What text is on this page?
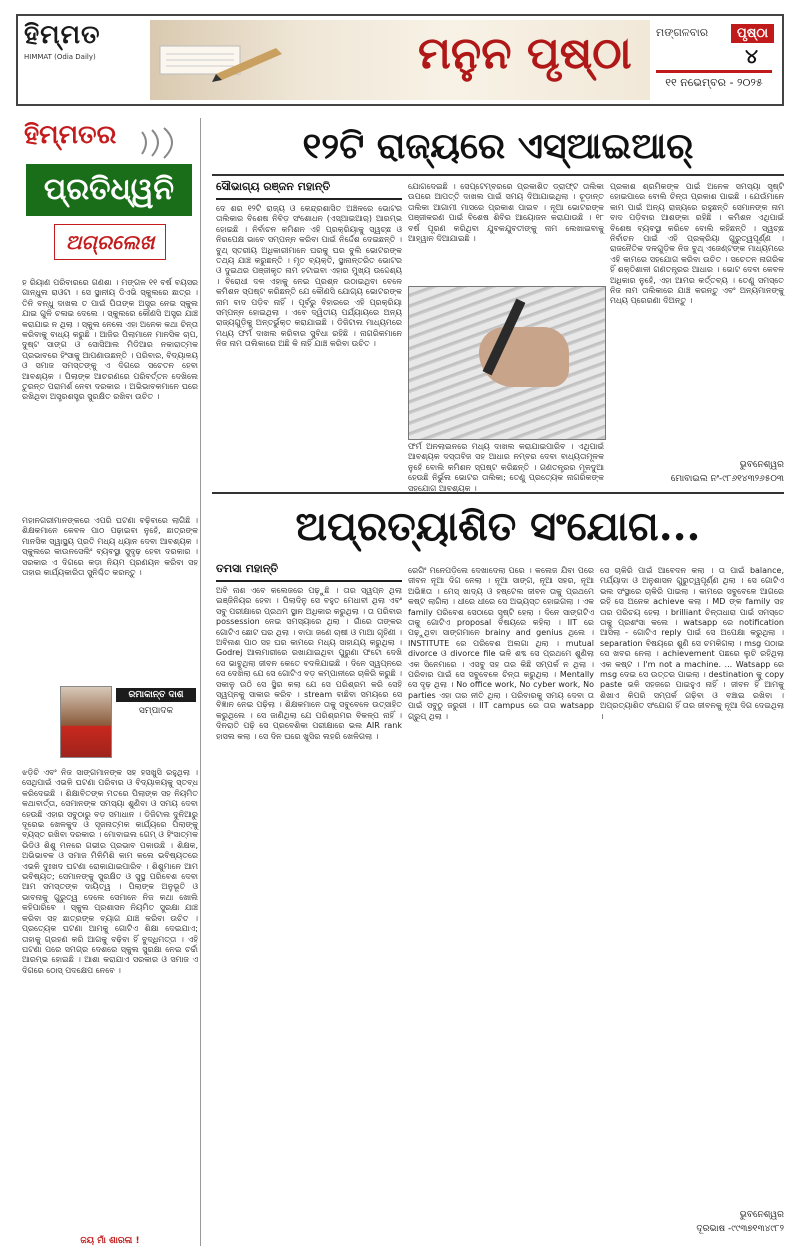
ହିମ୍ମତ
HIMMAT (Odia Daily)	ମନୁନ ପୃଷ୍ଠା ମଙ୍ଗଳବାର	ପୃଷ୍ଠା
୪
୧୧ ନଭେମ୍ବର - ୨୦୨୫
ହିମ୍ମତର
ପ୍ରତିଧ୍ୱନି
ଅଗ୍ରଲେଖ
ହ ରିୟାଣ ପରିବାରରେ ଗଣଶା । ମଙ୍ଗଳ ୧୧ ବର୍ଷ ବୟସର ଗାନ୍ଧୁଲ ରାଓଟା । ସେ ସ୍ଥାନୀୟ ଡିଏଭି ସ୍କୁଲରେ ଛାତ୍ର । ତିନି ବନ୍ଧୁ ଦାଖଲ ତ ପାଇଁ ପିତାଙ୍କ ଅସ୍ତ୍ର ନେଇ ସ୍କୁଲ ଯାଇ ଗୁଳି ଚଳାଇ ଦେଲେ । ସ୍କୁଲରେ କୌଣସି ଅସ୍ତ୍ର ଯାଞ୍ଚ କରାଯାଇ ନ ଥିଲା । ସ୍କୁଲ ନେଲେ ଏହା ଅନେକ କଥା ଚିନ୍ତା କରିବାକୁ ବାଧ୍ୟ କରୁଛି । ଆଜିର ପିଲାମାନେ ମାନସିକ ଚାପ, ଦୁଷ୍ଟ ସାଙ୍ଗ ଓ ସୋସିଆଲ ମିଡିଆର ନକାରାତ୍ମକ ପ୍ରଭାବରେ ହିଂସାକୁ ଆପଣାଉଛନ୍ତି । ପରିବାର, ବିଦ୍ୟାଳୟ ଓ ସମାଜ ସମସ୍ତଙ୍କୁ ଏ ଦିଗରେ ସଚେତନ ହେବା ଆବଶ୍ୟକ । ପିଲାଙ୍କ ଆଚରଣରେ ପରିବର୍ତ୍ତନ ଦେଖିଲେ ତୁରନ୍ତ ପରାମର୍ଶ ନେବା ଦରକାର । ଅଭିଭାବକମାନେ ଘରେ ରଖିଥିବା ଅସ୍ତ୍ରଶସ୍ତ୍ର ସୁରକ୍ଷିତ ରଖିବା ଉଚିତ ।
ମହାନଗରୀମାନଙ୍କରେ ଏପରି ଘଟଣା ବଢ଼ିବାରେ ଲାଗିଛି । ଶିକ୍ଷକମାନେ କେବଳ ପାଠ ପଢ଼ାଇବା ନୁହେଁ, ଛାତ୍ରଙ୍କ ମାନସିକ ସ୍ୱାସ୍ଥ୍ୟ ପ୍ରତି ମଧ୍ୟ ଧ୍ୟାନ ଦେବା ଆବଶ୍ୟକ । ସ୍କୁଲରେ କାଉନସେଲିଂ ବ୍ୟବସ୍ଥା ସୁଦୃଢ଼ ହେବା ଦରକାର । ସରକାର ଏ ଦିଗରେ କଡ଼ା ନିୟମ ପ୍ରଣୟନ କରିବା ସହ ତାହାର କାର୍ଯ୍ୟକାରିତା ସୁନିଶ୍ଚିତ କରନ୍ତୁ ।
ରମାକାନ୍ତ ଦାଶ
ସମ୍ପାଦକ
ଝଡ଼ିଚି ଏବଂ ନିଜ ସାଙ୍ଗମାନଙ୍କ ସହ ହସଖୁସି ରହୁଥିଲା । ସେଥିପାଇଁ ଏଭଳି ଘଟଣା ପରିବାର ଓ ବିଦ୍ୟାଳୟକୁ ସ୍ତବ୍ଧ କରିଦେଇଛି । ଶିକ୍ଷାବିତଙ୍କ ମତରେ ପିଲାଙ୍କ ସହ ନିୟମିତ କଥାବାର୍ତ୍ତା, ସେମାନଙ୍କ ସମସ୍ୟା ଶୁଣିବା ଓ ସମୟ ଦେବା ହେଉଛି ଏହାର ସବୁଠାରୁ ବଡ଼ ସମାଧାନ । ଡିଜିଟାଲ ଦୁନିଆରୁ ଦୂରେଇ ଖେଳକୁଦ ଓ ସୃଜନାତ୍ମକ କାର୍ଯ୍ୟରେ ପିଲାଙ୍କୁ ବ୍ୟସ୍ତ ରଖିବା ଦରକାର । ମୋବାଇଲ ଗେମ୍ ଓ ହିଂସାତ୍ମକ ଭିଡିଓ ଶିଶୁ ମନରେ ଗଭୀର ପ୍ରଭାବ ପକାଉଛି । ଶିକ୍ଷକ, ଅଭିଭାବକ ଓ ସମାଜ ମିଳିମିଶି କାମ କଲେ ଭବିଷ୍ୟତରେ ଏଭଳି ଦୁଃଖଦ ଘଟଣା ରୋକାଯାଇପାରିବ । ଶିଶୁମାନେ ଆମ ଭବିଷ୍ୟତ; ସେମାନଙ୍କୁ ସୁରକ୍ଷିତ ଓ ସୁସ୍ଥ ପରିବେଶ ଦେବା ଆମ ସମସ୍ତଙ୍କ ଦାୟିତ୍ୱ । ପିଲାଙ୍କ ଅନୁଭୂତି ଓ ଭାବନାକୁ ଗୁରୁତ୍ୱ ଦେଲେ ସେମାନେ ନିଜ କଥା ଖୋଲି କହିପାରିବେ । ସ୍କୁଲ ପ୍ରଶାସନ ନିୟମିତ ସୁରକ୍ଷା ଯାଞ୍ଚ କରିବା ସହ ଛାତ୍ରଙ୍କ ବ୍ୟାଗ ଯାଞ୍ଚ କରିବା ଉଚିତ । ପ୍ରତ୍ୟେକ ଘଟଣା ଆମକୁ ଗୋଟିଏ ଶିକ୍ଷା ଦେଇଯାଏ; ତାହାକୁ ଗ୍ରହଣ କରି ଆଗକୁ ବଢ଼ିବା ହିଁ ବୁଦ୍ଧିମତ୍ତା । ଏହି ଘଟଣା ପରେ ସମଗ୍ର ଦେଶରେ ସ୍କୁଲ ସୁରକ୍ଷା ନେଇ ଚର୍ଚ୍ଚା ଆରମ୍ଭ ହୋଇଛି । ଆଶା କରାଯାଏ ସରକାର ଓ ସମାଜ ଏ ଦିଗରେ ଠୋସ୍ ପଦକ୍ଷେପ ନେବେ ।
ଜୟ ମାଁ ଶାରଳା !
୧୨ଟି ରାଜ୍ୟରେ ଏସ୍ଆଇଆର୍
ସୌଭାଗ୍ୟ ରଞ୍ଜନ ମହାନ୍ତି
ଦେ ଶର ୧୨ଟି ରାଜ୍ୟ ଓ କେନ୍ଦ୍ରଶାସିତ ଅଞ୍ଚଳରେ ଭୋଟର ତାଲିକାର ବିଶେଷ ନିବିଡ଼ ସଂଶୋଧନ (ଏସ୍ଆଇଆର୍) ଆରମ୍ଭ ହୋଇଛି । ନିର୍ବାଚନ କମିଶନ ଏହି ପ୍ରକ୍ରିୟାକୁ ସ୍ୱଚ୍ଛ ଓ ନିରପେକ୍ଷ ଭାବେ ସମ୍ପନ୍ନ କରିବା ପାଇଁ ନିର୍ଦ୍ଦେଶ ଦେଇଛନ୍ତି । ବୁଥ୍ ସ୍ତରୀୟ ଅଧିକାରୀମାନେ ଘରକୁ ଘର ବୁଲି ଭୋଟରଙ୍କ ତଥ୍ୟ ଯାଞ୍ଚ କରୁଛନ୍ତି । ମୃତ ବ୍ୟକ୍ତି, ସ୍ଥାନାନ୍ତରିତ ଭୋଟର ଓ ଦୁଇଥର ପଞ୍ଜୀକୃତ ନାମ ହଟାଇବା ଏହାର ମୁଖ୍ୟ ଉଦ୍ଦେଶ୍ୟ । ବିରୋଧୀ ଦଳ ଏହାକୁ ନେଇ ପ୍ରଶ୍ନ ଉଠାଇଥିବା ବେଳେ କମିଶନ ସ୍ପଷ୍ଟ କରିଛନ୍ତି ଯେ କୌଣସି ଯୋଗ୍ୟ ଭୋଟରଙ୍କ ନାମ ବାଦ ପଡ଼ିବ ନାହିଁ । ପୂର୍ବରୁ ବିହାରରେ ଏହି ପ୍ରକ୍ରିୟା ସମ୍ପନ୍ନ ହୋଇଥିଲା । ଏବେ ଦ୍ୱିତୀୟ ପର୍ଯ୍ୟାୟରେ ଅନ୍ୟ ରାଜ୍ୟଗୁଡ଼ିକୁ ଅନ୍ତର୍ଭୁକ୍ତ କରାଯାଇଛି । ଡିଜିଟାଲ ମାଧ୍ୟମରେ ମଧ୍ୟ ଫର୍ମ ଦାଖଲ କରିବାର ସୁବିଧା ରହିଛି । ନାଗରିକମାନେ ନିଜ ନାମ ତାଲିକାରେ ଅଛି କି ନାହିଁ ଯାଞ୍ଚ କରିବା ଉଚିତ ।
ଯୋଗଦେଇଛି । ସେପ୍ଟେମ୍ବରରେ ପ୍ରକାଶିତ ଡ୍ରାଫ୍ଟ ତାଲିକା ଉପରେ ଆପତ୍ତି ଦାଖଲ ପାଇଁ ସମୟ ଦିଆଯାଇଥିଲା । ଚୂଡ଼ାନ୍ତ ତାଲିକା ଆଗାମୀ ମାସରେ ପ୍ରକାଶ ପାଇବ । ନୂଆ ଭୋଟରଙ୍କ ପଞ୍ଜୀକରଣ ପାଇଁ ବିଶେଷ ଶିବିର ଆୟୋଜନ କରାଯାଉଛି । ୧୮ ବର୍ଷ ପୂରଣ କରିଥିବା ଯୁବକଯୁବତୀଙ୍କୁ ନାମ ଲେଖାଇବାକୁ ଆହ୍ୱାନ ଦିଆଯାଇଛି ।
ଫର୍ମ ଅନଲାଇନରେ ମଧ୍ୟ ଦାଖଲ କରାଯାଇପାରିବ । ଏଥିପାଇଁ ଆବଶ୍ୟକ ଦସ୍ତାବିଜ ସହ ଆଧାର ନମ୍ବର ଦେବା ବାଧ୍ୟତାମୂଳକ ନୁହେଁ ବୋଲି କମିଶନ ସ୍ପଷ୍ଟ କରିଛନ୍ତି । ଗଣତନ୍ତ୍ରର ମୂଳଦୁଆ ହେଉଛି ନିର୍ଭୁଲ ଭୋଟର ତାଲିକା; ତେଣୁ ପ୍ରତ୍ୟେକ ନାଗରିକଙ୍କ ସହଯୋଗ ଆବଶ୍ୟକ ।
ପ୍ରକାଶ ଶ୍ରମିକଙ୍କ ପାଇଁ ଅନେକ ସମସ୍ୟା ସୃଷ୍ଟି ହୋଇପାରେ ବୋଲି ଚିନ୍ତା ପ୍ରକାଶ ପାଇଛି । ଯେଉଁମାନେ କାମ ପାଇଁ ଅନ୍ୟ ରାଜ୍ୟରେ ରହୁଛନ୍ତି ସେମାନଙ୍କ ନାମ ବାଦ ପଡ଼ିବାର ଆଶଙ୍କା ରହିଛି । କମିଶନ ଏଥିପାଇଁ ବିଶେଷ ବ୍ୟବସ୍ଥା କରିବେ ବୋଲି କହିଛନ୍ତି । ସ୍ୱଚ୍ଛ ନିର୍ବାଚନ ପାଇଁ ଏହି ପ୍ରକ୍ରିୟା ଗୁରୁତ୍ୱପୂର୍ଣ୍ଣ । ରାଜନୈତିକ ଦଳଗୁଡ଼ିକ ନିଜ ବୁଥ୍ ଏଜେଣ୍ଟଙ୍କ ମାଧ୍ୟମରେ ଏହି କାମରେ ସହଯୋଗ କରିବା ଉଚିତ । ସଚେତନ ନାଗରିକ ହିଁ ଶକ୍ତିଶାଳୀ ଗଣତନ୍ତ୍ରର ଆଧାର । ଭୋଟ ଦେବା କେବଳ ଅଧିକାର ନୁହେଁ, ଏହା ଆମର କର୍ତ୍ତବ୍ୟ । ତେଣୁ ସମସ୍ତେ ନିଜ ନାମ ତାଲିକାରେ ଯାଞ୍ଚ କରନ୍ତୁ ଏବଂ ଅନ୍ୟମାନଙ୍କୁ ମଧ୍ୟ ପ୍ରେରଣା ଦିଅନ୍ତୁ ।
ଭୁବନେଶ୍ୱର
ମୋବାଇଲ ନଂ-୯୮୬୧୪୩୨୬୫୦୩
ଅପ୍ରତ୍ୟାଶିତ ସଂଯୋଗ...
ତମସା ମହାନ୍ତି
ଅବି ନାଶ ଏବେ କଲେଜରେ ପଢ଼ୁଛି । ତାର ସ୍ୱପ୍ନ ଥିଲା ଇଞ୍ଜିନିୟର ହେବା । ପିଲାଦିନୁ ସେ ବହୁତ ମେଧାବୀ ଥିଲା ଏବଂ ସବୁ ପରୀକ୍ଷାରେ ପ୍ରଥମ ସ୍ଥାନ ଅଧିକାର କରୁଥିଲା । ତା ପରିବାର possession ନେଇ ସମସ୍ୟାରେ ଥିଲା । ଗାଁରେ ତାଙ୍କର ଗୋଟିଏ ଛୋଟ ଘର ଥିଲା । ବାପା ଜଣେ ଚାଷୀ ଓ ମାଆ ଗୃହିଣୀ । ଅବିନାଶ ପାଠ ସହ ଘର କାମରେ ମଧ୍ୟ ସାହାଯ୍ୟ କରୁଥିଲା । Godrej ଆଲମାରୀରେ ରଖାଯାଇଥିବା ପୁରୁଣା ଫଟୋ ଦେଖି ସେ ଭାବୁଥିଲା ଜୀବନ କେତେ ବଦଳିଯାଇଛି । ଦିନେ ସ୍ୱପ୍ନରେ ସେ ଦେଖିଲା ଯେ ସେ ଗୋଟିଏ ବଡ଼ କମ୍ପାନୀରେ ଚାକିରି କରୁଛି । ସକାଳୁ ଉଠି ସେ ସ୍ଥିର କଲା ଯେ ସେ ପରିଶ୍ରମ କରି ସେହି ସ୍ୱପ୍ନକୁ ସାକାର କରିବ । stream ବାଛିବା ସମୟରେ ସେ ବିଜ୍ଞାନ ନେଇ ପଢ଼ିଲା । ଶିକ୍ଷକମାନେ ତାକୁ ସବୁବେଳେ ଉତ୍ସାହିତ କରୁଥିଲେ । ସେ ଜାଣିଥିଲା ଯେ ପରିଶ୍ରମର ବିକଳ୍ପ ନାହିଁ । ଦିନରାତି ପଢ଼ି ସେ ପ୍ରବେଶିକା ପରୀକ୍ଷାରେ ଭଲ AIR rank ହାସଲ କଲା । ସେ ଦିନ ଘରେ ଖୁସିର ଲହରି ଖେଳିଗଲା ।
ରେଗିଂ ମନେପଡ଼ିଲେ ଦେଖାଦେଲା ପରେ । କଲେଜ ଯିବା ପରେ ଜୀବନ ନୂଆ ଦିଗ ନେଲା । ନୂଆ ସାଙ୍ଗ, ନୂଆ ସହର, ନୂଆ ଅଭିଜ୍ଞତା । ମେସ୍ ଖାଦ୍ୟ ଓ ହଷ୍ଟେଲ ଜୀବନ ତାକୁ ପ୍ରଥମେ କଷ୍ଟ ଲାଗିଲା । ଧୀରେ ଧୀରେ ସେ ଅଭ୍ୟସ୍ତ ହୋଇଗଲା । ଏକ family ପରିବେଶ ସେଠାରେ ସୃଷ୍ଟି ହେଲା । ଦିନେ ସାଙ୍ଗଟିଏ ତାକୁ ଗୋଟିଏ proposal ବିଷୟରେ କହିଲା । IIT ରେ ପଢ଼ୁଥିବା ସାଙ୍ଗମାନେ brainy and genius ଥିଲେ । INSTITUTE ରେ ପରିବେଶ ଅଲଗା ଥିଲା । mutual divorce ଓ divorce file ଭଳି ଶବ୍ଦ ସେ ପ୍ରଥମେ ଶୁଣିଲା ଏକ ସିନେମାରେ । ଏସବୁ ସହ ତାର କିଛି ସମ୍ପର୍କ ନ ଥିଲା । ପରିବାର ପାଇଁ ସେ ସବୁବେଳେ ଚିନ୍ତା କରୁଥିଲା । Mentally ସେ ଦୃଢ଼ ଥିଲା । No office work, No cyber work, No parties ଏହା ତାର ନୀତି ଥିଲା । ପରିବାରକୁ ସମୟ ଦେବା ତା ପାଇଁ ସବୁଠୁ ଜରୁରୀ । IIT campus ରେ ତାର watsapp ଗ୍ରୁପ୍ ଥିଲା ।
ସେ ଚାକିରି ପାଇଁ ଆବେଦନ କଲା । ତା ପାଇଁ balance, ମର୍ଯ୍ୟାଦା ଓ ଅନୁଶାସନ ଗୁରୁତ୍ୱପୂର୍ଣ୍ଣ ଥିଲା । ସେ ଗୋଟିଏ ଭଲ ସଂସ୍ଥାରେ ଚାକିରି ପାଇଲା । କାମରେ ସବୁବେଳେ ଆଗରେ ରହି ସେ ଅନେକ achieve କଲା । MD ଙ୍କ family ସହ ତାର ପରିଚୟ ହେଲା । brilliant ଚିନ୍ତାଧାରା ପାଇଁ ସମସ୍ତେ ତାକୁ ପ୍ରଶଂସା କଲେ । watsapp ରେ notification ଆସିଲା - ଗୋଟିଏ reply ପାଇଁ ସେ ଅପେକ୍ଷା କରୁଥିଲା । separation ବିଷୟରେ ଶୁଣି ସେ ଚମକିଗଲା । msg ପଠାଇ ସେ ଖବର ନେଲା । achievement ପଛରେ ଲୁଚି ରହିଥିଲା ଏକ କଷ୍ଟ । I'm not a machine. ... Watsapp ରେ msg ଦେଇ ସେ ଉତ୍ତର ପାଇଲା । destination କୁ copy paste ଭଳି ସହଜରେ ପାଇହୁଏ ନାହିଁ । ଜୀବନ ହିଁ ଆମକୁ ଶିଖାଏ କିପରି ସମ୍ପର୍କ ଗଢ଼ିବା ଓ ବଞ୍ଚାଇ ରଖିବା । ଅପ୍ରତ୍ୟାଶିତ ସଂଯୋଗ ହିଁ ତାର ଜୀବନକୁ ନୂଆ ଦିଗ ଦେଇଥିଲା ।
ଦୂରଭାଷ -୯୯୩୭୧୩୪୯୮୨
ଭୁବନେଶ୍ୱର
